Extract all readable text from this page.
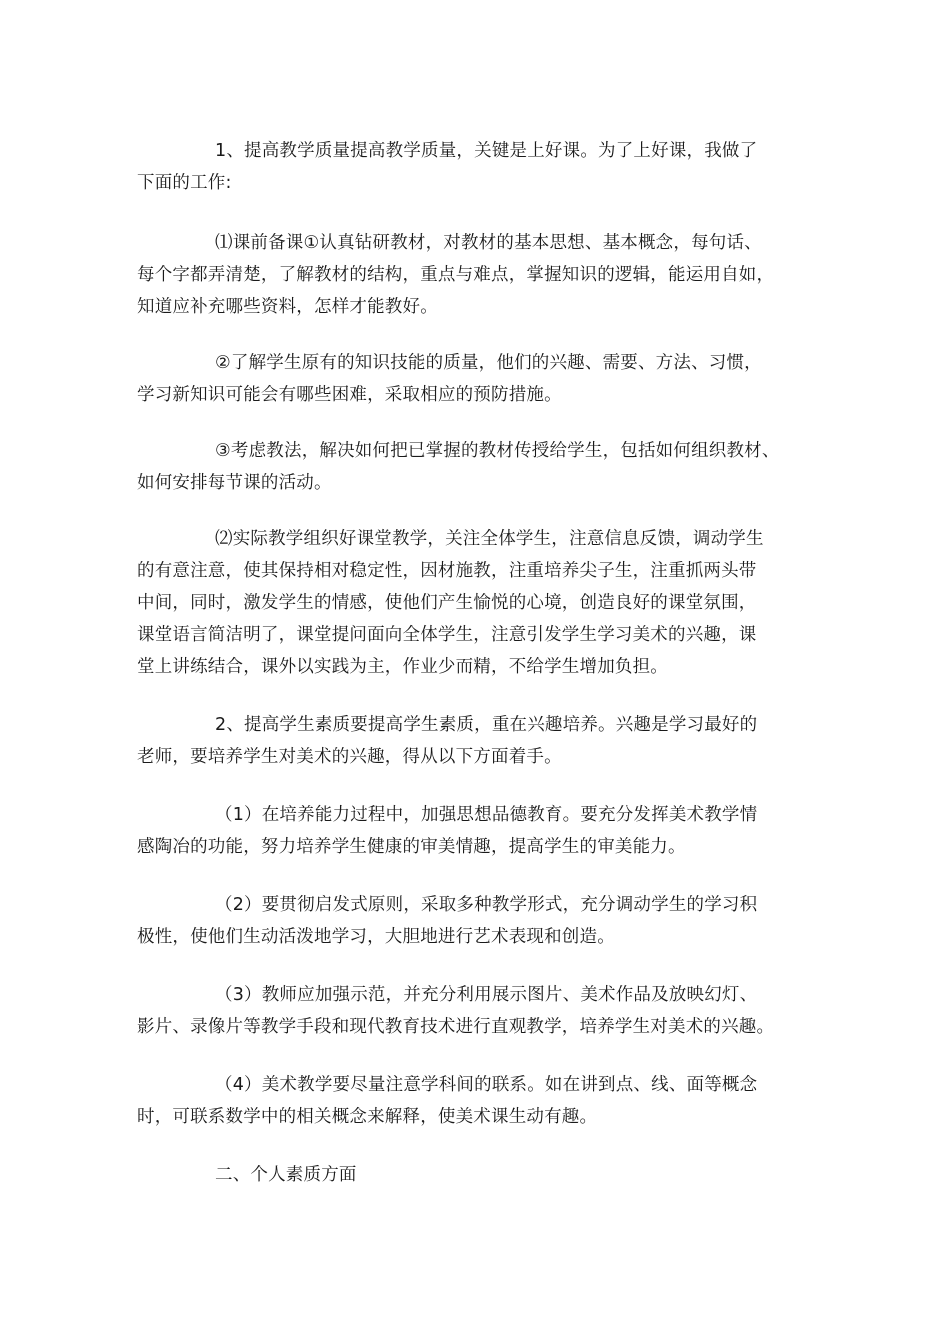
1、提高教学质量提高教学质量，关键是上好课。为了上好课，我做了
下面的工作:
⑴课前备课①认真钻研教材，对教材的基本思想、基本概念，每句话、
每个字都弄清楚，了解教材的结构，重点与难点，掌握知识的逻辑，能运用自如，
知道应补充哪些资料，怎样才能教好。
②了解学生原有的知识技能的质量，他们的兴趣、需要、方法、习惯，
学习新知识可能会有哪些困难，采取相应的预防措施。
③考虑教法，解决如何把已掌握的教材传授给学生，包括如何组织教材、
如何安排每节课的活动。
⑵实际教学组织好课堂教学，关注全体学生，注意信息反馈，调动学生
的有意注意，使其保持相对稳定性，因材施教，注重培养尖子生，注重抓两头带
中间，同时，激发学生的情感，使他们产生愉悦的心境，创造良好的课堂氛围，
课堂语言简洁明了，课堂提问面向全体学生，注意引发学生学习美术的兴趣，课
堂上讲练结合，课外以实践为主，作业少而精，不给学生增加负担。
2、提高学生素质要提高学生素质，重在兴趣培养。兴趣是学习最好的
老师，要培养学生对美术的兴趣，得从以下方面着手。
（1）在培养能力过程中，加强思想品德教育。要充分发挥美术教学情
感陶冶的功能，努力培养学生健康的审美情趣，提高学生的审美能力。
（2）要贯彻启发式原则，采取多种教学形式，充分调动学生的学习积
极性，使他们生动活泼地学习，大胆地进行艺术表现和创造。
（3）教师应加强示范，并充分利用展示图片、美术作品及放映幻灯、
影片、录像片等教学手段和现代教育技术进行直观教学，培养学生对美术的兴趣。
（4）美术教学要尽量注意学科间的联系。如在讲到点、线、面等概念
时，可联系数学中的相关概念来解释，使美术课生动有趣。
二、个人素质方面
